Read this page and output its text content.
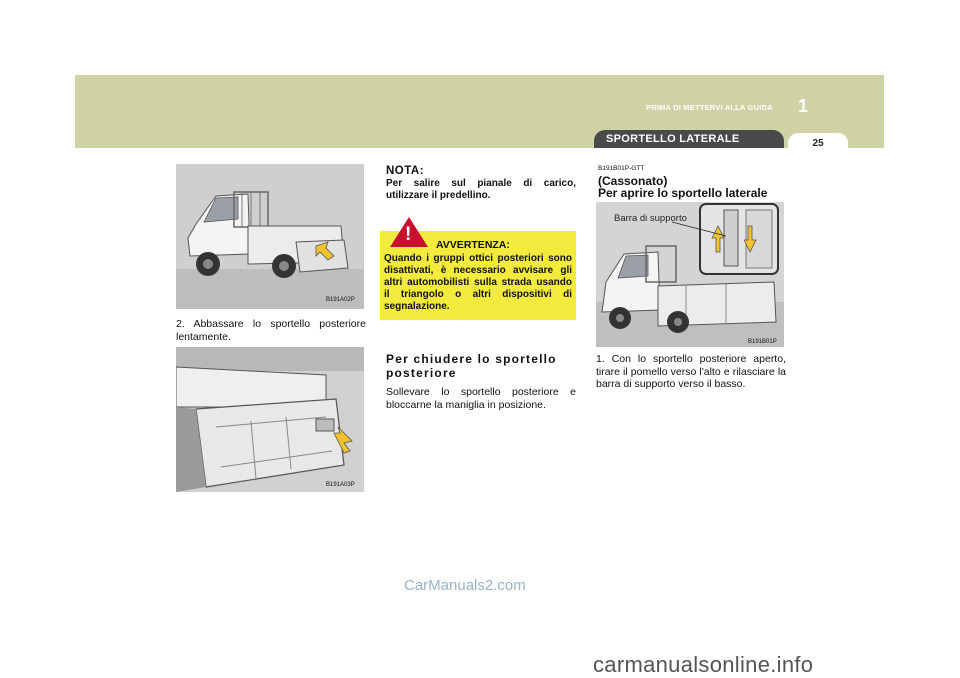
PRIMA DI METTERVI ALLA GUIDA 1
SPORTELLO LATERALE	25
B191A02P
2. Abbassare lo sportello posteriore lentamente.
B191A03P
NOTA:
Per salire sul pianale di carico, utilizzare il predellino.
! AVVERTENZA:
Quando i gruppi ottici posteriori sono disattivati, è necessario avvisare gli altri automobilisti sulla strada usando il triangolo o altri dispositivi di segnalazione.
Per chiudere lo sportello posteriore
Sollevare lo sportello posteriore e bloccarne la maniglia in posizione.
B191B01P-GTT
(Cassonato)
Per aprire lo sportello laterale
Barra di supporto
B191B01P
1. Con lo sportello posteriore aperto, tirare il pomello verso l'alto e rilasciare la barra di supporto verso il basso.
CarManuals2.com
carmanualsonline.info
